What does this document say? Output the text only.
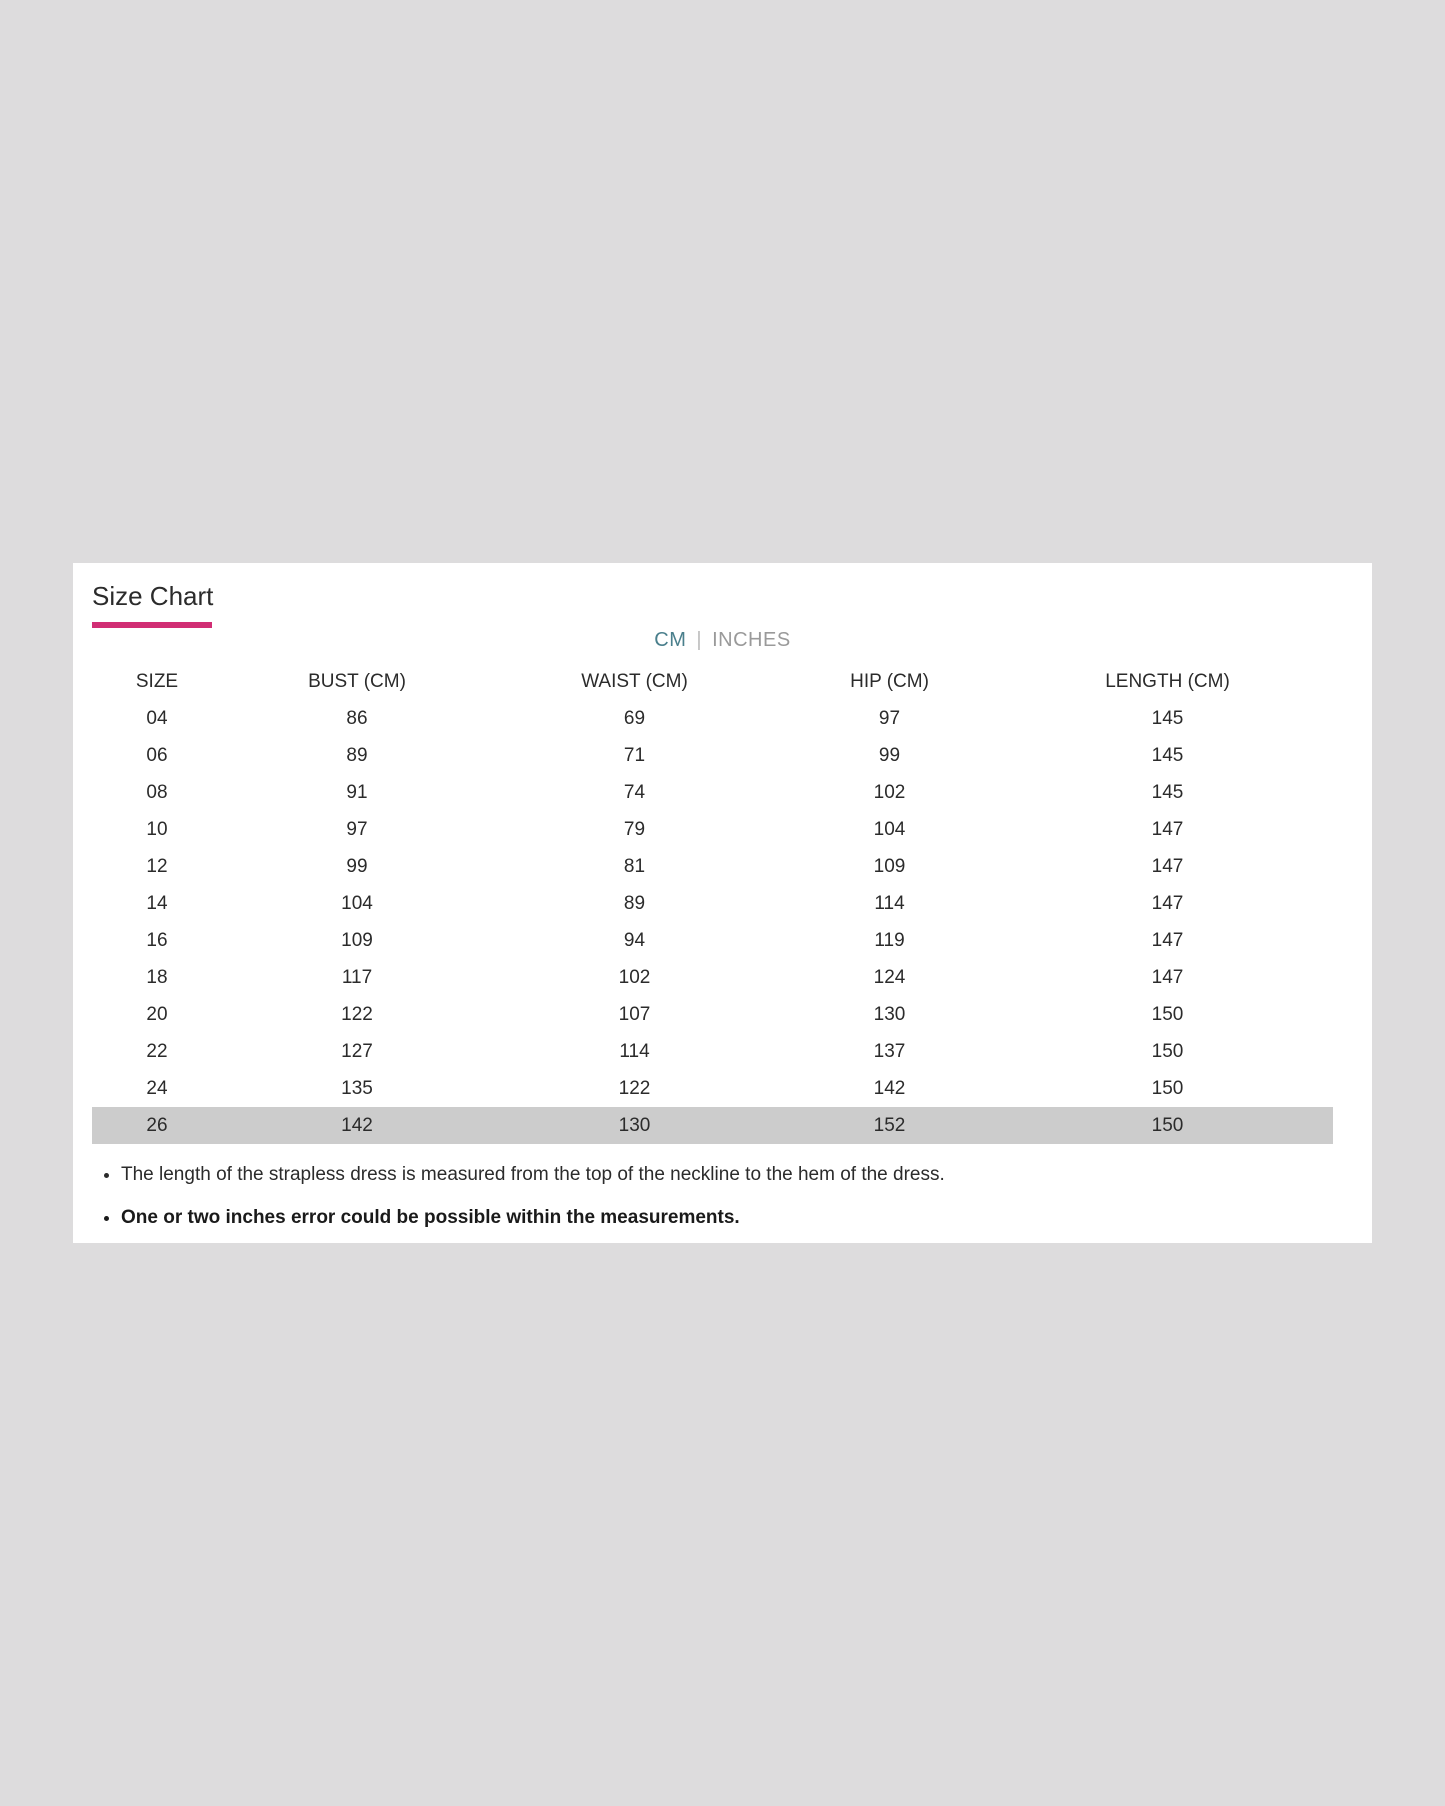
Size Chart
CM | INCHES
SIZE	BUST (CM)	WAIST (CM)	HIP (CM)	LENGTH (CM)
04	86	69	97	145
06	89	71	99	145
08	91	74	102	145
10	97	79	104	147
12	99	81	109	147
14	104	89	114	147
16	109	94	119	147
18	117	102	124	147
20	122	107	130	150
22	127	114	137	150
24	135	122	142	150
26	142	130	152	150
• The length of the strapless dress is measured from the top of the neckline to the hem of the dress.
• One or two inches error could be possible within the measurements.
